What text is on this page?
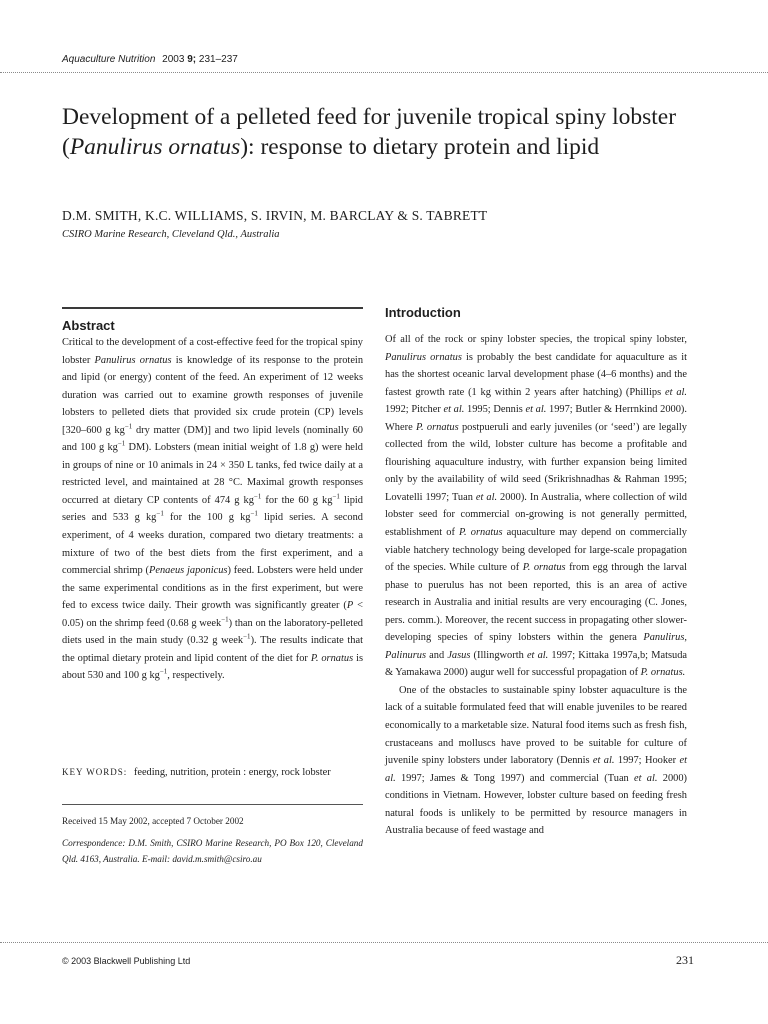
Aquaculture Nutrition 2003 9; 231–237
Development of a pelleted feed for juvenile tropical spiny lobster (Panulirus ornatus): response to dietary protein and lipid
D.M. SMITH, K.C. WILLIAMS, S. IRVIN, M. BARCLAY & S. TABRETT
CSIRO Marine Research, Cleveland Qld., Australia
Abstract

Critical to the development of a cost-effective feed for the tropical spiny lobster Panulirus ornatus is knowledge of its response to the protein and lipid (or energy) content of the feed. An experiment of 12 weeks duration was carried out to examine growth responses of juvenile lobsters to pelleted diets that provided six crude protein (CP) levels [320–600 g $kg^{-1}$ dry matter (DM)] and two lipid levels (nominally 60 and 100 g $kg^{-1}$ DM). Lobsters (mean initial weight of 1.8 g) were held in groups of nine or 10 animals in 24 × 350 L tanks, fed twice daily at a restricted level, and maintained at 28 °C. Maximal growth responses occurred at dietary CP contents of 474 g $kg^{-1}$ for the 60 g $kg^{-1}$ lipid series and 533 g $kg^{-1}$ for the 100 g $kg^{-1}$ lipid series. A second experiment, of 4 weeks duration, compared two dietary treatments: a mixture of two of the best diets from the first experiment, and a commercial shrimp (Penaeus japonicus) feed. Lobsters were held under the same experimental conditions as in the first experiment, but were fed to excess twice daily. Their growth was significantly greater (P < 0.05) on the shrimp feed (0.68 g week$^{-1}$) than on the laboratory-pelleted diets used in the main study (0.32 g week$^{-1}$). The results indicate that the optimal dietary protein and lipid content of the diet for P. ornatus is about 530 and 100 g $kg^{-1}$, respectively.

KEY WORDS: feeding, nutrition, protein : energy, rock lobster
Received 15 May 2002, accepted 7 October 2002
Correspondence: D.M. Smith, CSIRO Marine Research, PO Box 120, Cleveland Qld. 4163, Australia. E-mail: david.m.smith@csiro.au
Introduction

Of all of the rock or spiny lobster species, the tropical spiny lobster, Panulirus ornatus is probably the best candidate for aquaculture as it has the shortest oceanic larval development phase (4–6 months) and the fastest growth rate (1 kg within 2 years after hatching) (Phillips et al. 1992; Pitcher et al. 1995; Dennis et al. 1997; Butler & Herrnkind 2000). Where P. ornatus postpueruli and early juveniles (or ‘seed’) are legally collected from the wild, lobster culture has become a profitable and flourishing aquaculture industry, with further expansion being limited only by the availability of wild seed (Srikrishnadhas & Rahman 1995; Lovatelli 1997; Tuan et al. 2000). In Australia, where collection of wild lobster seed for commercial on-growing is not generally permitted, establishment of P. ornatus aquaculture may depend on commercially viable hatchery technology being developed for large-scale propagation of the species. While culture of P. ornatus from egg through the larval phase to puerulus has not been reported, this is an area of active research in Australia and initial results are very encouraging (C. Jones, pers. comm.). Moreover, the recent success in propagating other slower-developing species of spiny lobsters within the genera Panulirus, Palinurus and Jasus (Illingworth et al. 1997; Kittaka 1997a,b; Matsuda & Yamakawa 2000) augur well for successful propagation of P. ornatus.

One of the obstacles to sustainable spiny lobster aquaculture is the lack of a suitable formulated feed that will enable juveniles to be reared economically to a marketable size. Natural food items such as fresh fish, crustaceans and molluscs have proved to be suitable for culture of juvenile spiny lobsters under laboratory (Dennis et al. 1997; Hooker et al. 1997; James & Tong 1997) and commercial (Tuan et al. 2000) conditions in Vietnam. However, lobster culture based on feeding fresh natural foods is unlikely to be permitted by resource managers in Australia because of feed wastage and

© 2003 Blackwell Publishing Ltd	231
